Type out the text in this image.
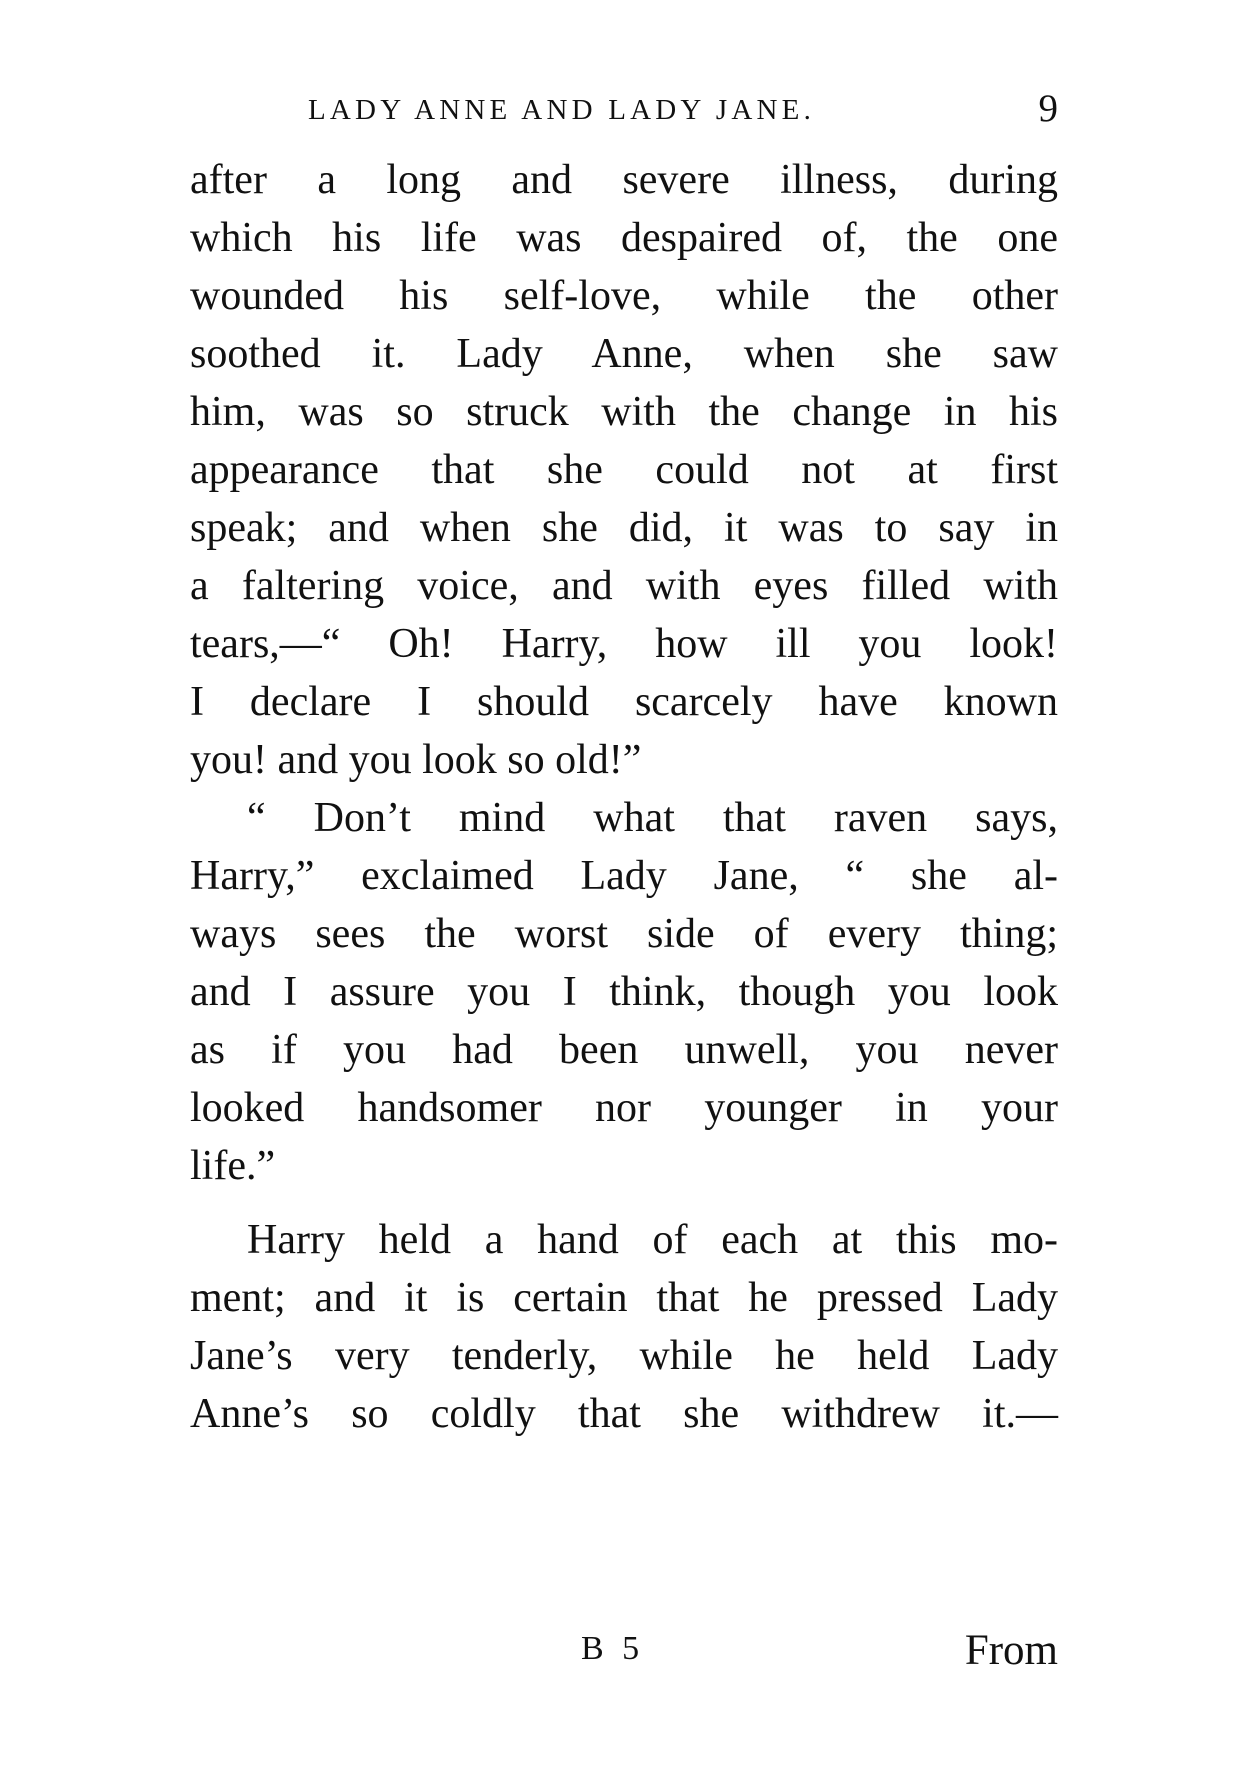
LADY ANNE AND LADY JANE.	9
after a long and severe illness, during
which his life was despaired of, the one
wounded his self-love, while the other
soothed it. Lady Anne, when she saw
him, was so struck with the change in his
appearance that she could not at first
speak; and when she did, it was to say in
a faltering voice, and with eyes filled with
tears,—“ Oh! Harry, how ill you look!
I declare I should scarcely have known
you! and you look so old!”
“ Don’t mind what that raven says,
Harry,” exclaimed Lady Jane, “ she al-
ways sees the worst side of every thing;
and I assure you I think, though you look
as if you had been unwell, you never
looked handsomer nor younger in your
life.”
Harry held a hand of each at this mo-
ment; and it is certain that he pressed Lady
Jane’s very tenderly, while he held Lady
Anne’s so coldly that she withdrew it.—
B 5	From
